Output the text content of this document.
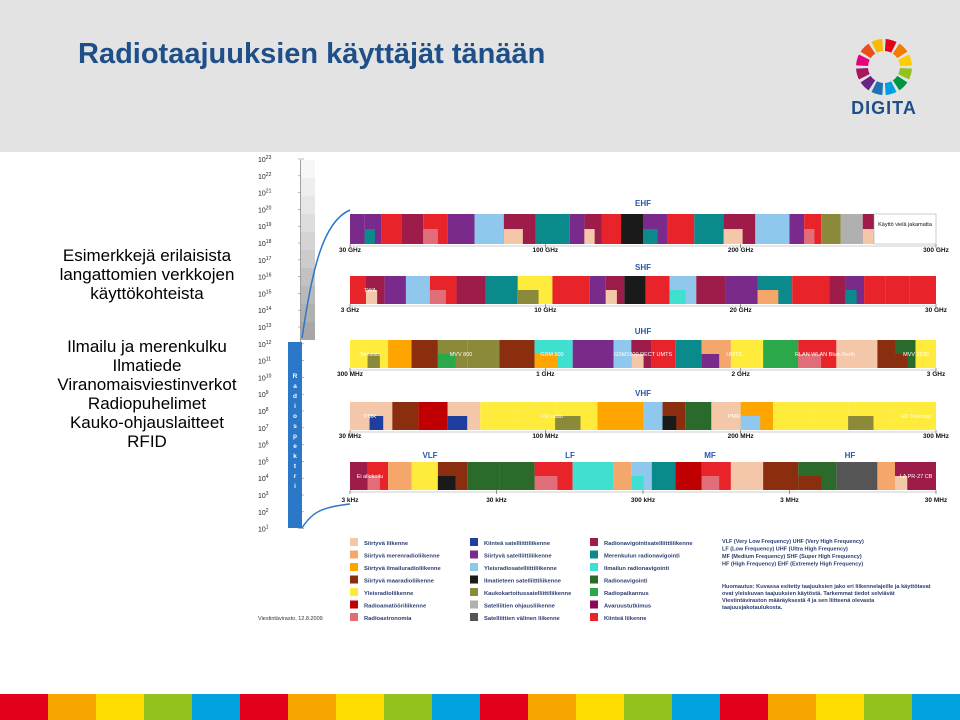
Radiotaajuuksien käyttäjät tänään
DIGITA
Esimerkkejä erilaisista
langattomien verkkojen
käyttökohteista
Ilmailu ja merenkulku
Ilmatiede
Viranomaisviestinverkot
Radiopuhelimet
Kauko-ohjauslaitteet
RFID
$10^{23}$
$10^{22}$
$10^{21}$
$10^{20}$
$10^{19}$
$10^{18}$
$10^{17}$
$10^{16}$
$10^{15}$
$10^{14}$
$10^{13}$
$10^{12}$
$10^{11}$
$10^{10}$
$10^9$
$10^8$
$10^7$
$10^6$
$10^5$
$10^4$
$10^3$
$10^2$
$10^1$
R
a
d
i
o
s
p
e
k
t
r
i
30 GHz	100 GHz	200 GHz	300 GHz
EHF
Käyttö vielä jakamatta
3 GHz	10 GHz	20 GHz	30 GHz
SHF
TWA
300 MHz	1 GHz	2 GHz	3 GHz
UHF
Televisio	MVV 800	GSM 900	GSM1800 DECT UMTS	UMTS	RLAN WLAN Blue-Tooth	MVV 2500
30 MHz	100 MHz	200 MHz	300 MHz
VHF
PMR	FM radio	PMR	HD Televisio
3 kHz	30 kHz	300 kHz	3 MHz	30 MHz
VLF	LF	MF	HF
Ei allokoitu	LA PR-27 CB
Siirtyvä liikenne
Siirtyvä merenradioliikenne
Siirtyvä ilmailuradioliikenne
Siirtyvä maaradioliikenne
Yleisradioliikenne
Radioamatööriliikenne
Radioastronomia
Kiinteä satelliittiliikenne
Siirtyvä satelliittiliikenne
Yleisradiosatelliittiliikenne
Ilmatieteen satelliittiliikenne
Kaukokartoitussatelliittiliikenne
Satelliitien ohjausliikenne
Satelliittien välinen liikenne
Radionavigointisatelliittiliikenne
Merenkulun radionavigointi
Ilmailun radionavigointi
Radionavigointi
Radiopaikannus
Avaruustutkimus
Kiinteä liikenne
VLF (Very Low Frequency) UHF (Very High Frequency)
LF (Low Frequency) UHF (Ultra High Frequency)
MF (Medium Frequency) SHF (Super High Frequency)
HF (High Frequency) EHF (Extremely High Frequency)
Huomautus: Kuvassa esitetty taajuuksien jako eri liikennelajeille ja käyttötavat ovat yleiskuvan taajuuksien käytöstä. Tarkemmat tiedot selviävät Viestintäviraston määräyksestä 4 ja sen liitteenä olevasta taajuusjakotaulukosta.
Viestintävirasto, 12.8.2009
